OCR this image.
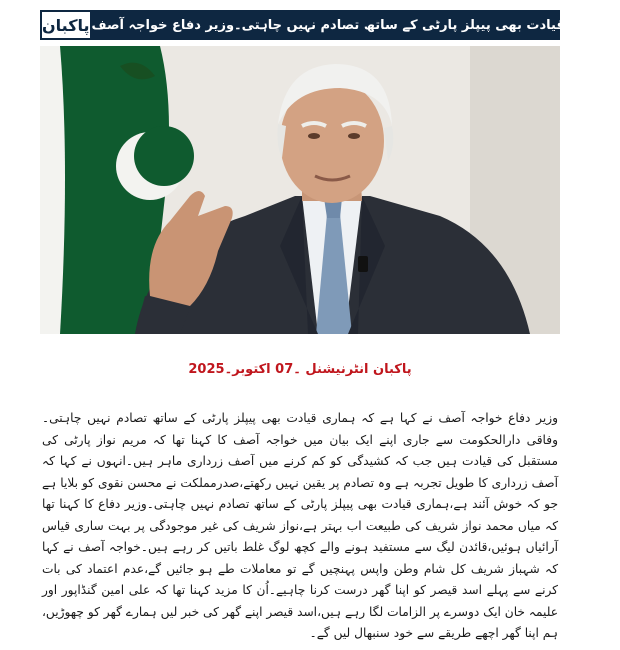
پاکبان ہماری قیادت بھی پیپلز پارٹی کے ساتھ تصادم نہیں چاہتی۔وزیر دفاع خواجہ آصف
پاکبان انٹرنیشنل ۔07 اکتوبر۔2025
وزیر دفاع خواجہ آصف نے کہا ہے کہ ہماری قیادت بھی پیپلز پارٹی کے ساتھ تصادم نہیں چاہتی۔وفاقی دارالحکومت سے جاری اپنے ایک بیان میں خواجہ آصف کا کہنا تھا کہ مریم نواز پارٹی کی مستقبل کی قیادت ہیں جب کہ کشیدگی کو کم کرنے میں آصف زرداری ماہر ہیں۔انہوں نے کہا کہ آصف زرداری کا طویل تجربہ ہے وہ تصادم پر یقین نہیں رکھتے،صدرمملکت نے محسن نقوی کو بلایا ہے جو کہ خوش آئند ہے،ہماری قیادت بھی پیپلز پارٹی کے ساتھ تصادم نہیں چاہتی۔وزیر دفاع کا کہنا تھا کہ میاں محمد نواز شریف کی طبیعت اب بہتر ہے،نواز شریف کی غیر موجودگی پر بہت ساری قیاس آرائیاں ہوئیں،قائدن لیگ سے مستفید ہونے والے کچھ لوگ غلط باتیں کر رہے ہیں۔خواجہ آصف نے کہا کہ شہباز شریف کل شام وطن واپس پہنچیں گے تو معاملات طے ہو جائیں گے،عدم اعتماد کی بات کرنے سے پہلے اسد قیصر کو اپنا گھر درست کرنا چاہیے۔اُن کا مزید کہنا تھا کہ علی امین گنڈاپور اور علیمہ خان ایک دوسرے پر الزامات لگا رہے ہیں،اسد قیصر اپنے گھر کی خبر لیں ہمارے گھر کو چھوڑیں، ہم اپنا گھر اچھے طریقے سے خود سنبھال لیں گے۔
